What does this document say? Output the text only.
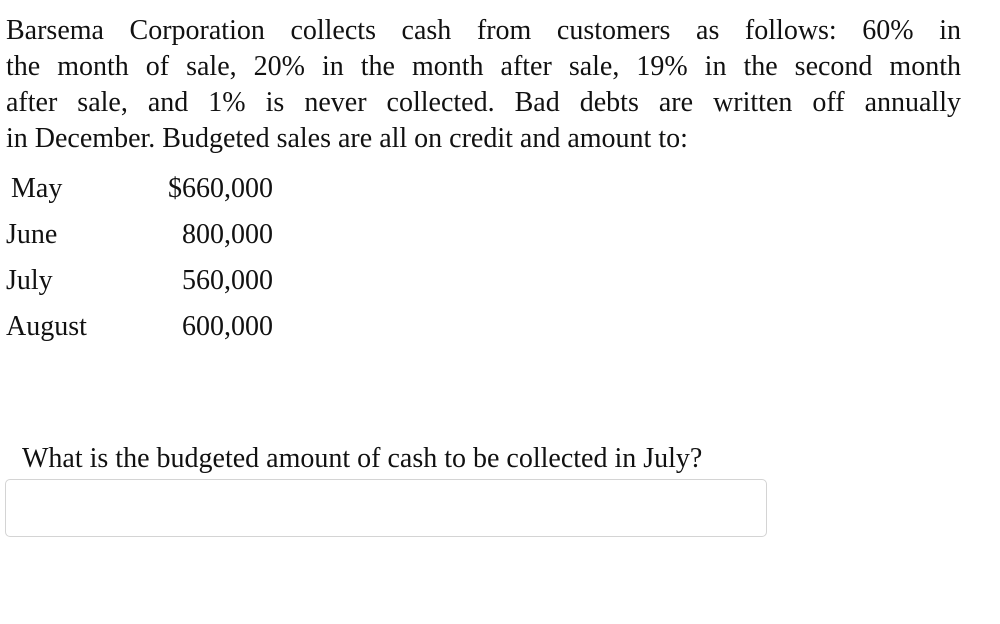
Barsema Corporation collects cash from customers as follows: 60% in
the month of sale, 20% in the month after sale, 19% in the second month
after sale, and 1% is never collected. Bad debts are written off annually
in December. Budgeted sales are all on credit and amount to:
May	$660,000
June	800,000
July	560,000
August	600,000
What is the budgeted amount of cash to be collected in July?
